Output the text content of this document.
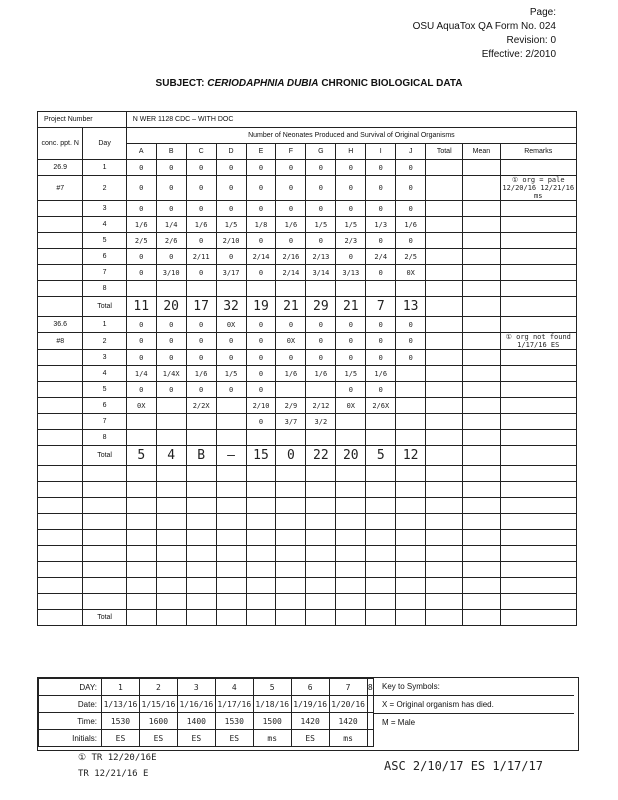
Page:
OSU AquaTox QA Form No. 024
Revision: 0
Effective: 2/2010
SUBJECT: CERIODAPHNIA DUBIA CHRONIC BIOLOGICAL DATA
Project Number		N WER 1128 CDC – WITH DOC												
conc. ppt. N	Day	Number of Neonates Produced and Survival of Original Organisms												
		A	B	C	D	E	F	G	H	I	J	Total	Mean	Remarks
26.9	1	0	0	0	0	0	0	0	0	0	0			
#7	2	0	0	0	0	0	0	0	0	0	0			① org = pale 12/20/16 12/21/16 ms
	3	0	0	0	0	0	0	0	0	0	0			
	4	1/6	1/4	1/6	1/5	1/8	1/6	1/5	1/5	1/3	1/6			
	5	2/5	2/6	0	2/10	0	0	0	2/3	0	0			
	6	0	0	2/11	0	2/14	2/16	2/13	0	2/4	2/5			
	7	0	3/10	0	3/17	0	2/14	3/14	3/13	0	0X			
	8													
	Total	11	20	17	32	19	21	29	21	7	13			
36.6	1	0	0	0	0X	0	0	0	0	0	0			
#8	2	0	0	0	0	0	0X	0	0	0	0			① org not found 1/17/16 ES
	3	0	0	0	0	0	0	0	0	0	0			
	4	1/4	1/4X	1/6	1/5	0	1/6	1/6	1/5	1/6				
	5	0	0	0	0	0			0	0				
	6	0X		2/2X		2/10	2/9	2/12	0X	2/6X				
	7					0	3/7	3/2						
	8													
	Total	5	4	B	–	15	0	22	20	5	12			

	Total													
DAY:	1	2	3	4	5	6	7	8
Date:	1/13/16	1/15/16	1/16/16	1/17/16	1/18/16	1/19/16	1/20/16	
Time:	1530	1600	1400	1530	1500	1420	1420	
Initials:	ES	ES	ES	ES	ms	ES	ms	
Key to Symbols:
X = Original organism has died.
M = Male
① TR 12/20/16E
TR 12/21/16 E
ASC 2/10/17 ES 1/17/17
